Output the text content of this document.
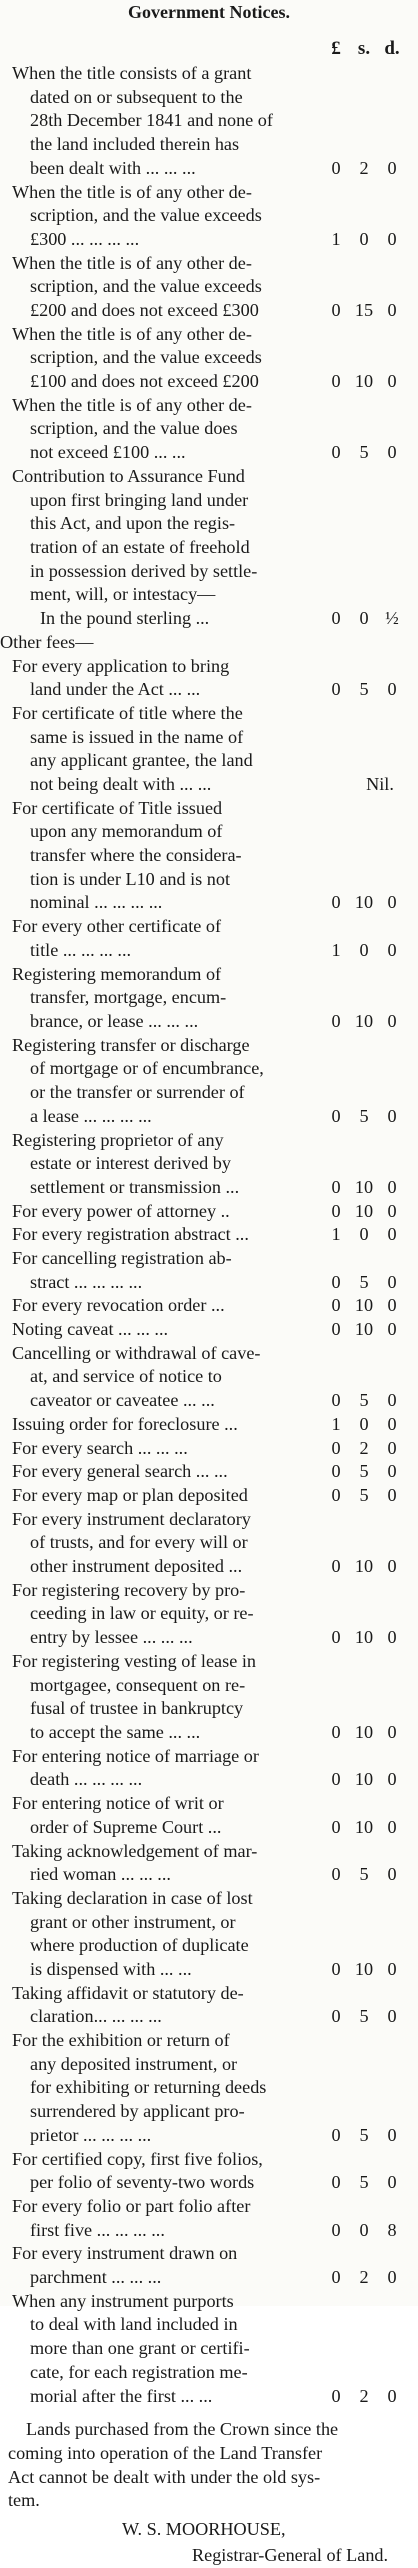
Government Notices.
£ s. d.
When the title consists of a grant
dated on or subsequent to the
28th December 1841 and none of
the land included therein has
been dealt with ... ... ...	0 2 0
When the title is of any other de-
scription, and the value exceeds
£300 ... ... ... ...	1 0 0
When the title is of any other de-
scription, and the value exceeds
£200 and does not exceed £300	0 15 0
When the title is of any other de-
scription, and the value exceeds
£100 and does not exceed £200	0 10 0
When the title is of any other de-
scription, and the value does
not exceed £100 ... ...	0 5 0
Contribution to Assurance Fund
upon first bringing land under
this Act, and upon the regis-
tration of an estate of freehold
in possession derived by settle-
ment, will, or intestacy—
In the pound sterling ...	0 0 ½
Other fees—
For every application to bring
land under the Act ... ...	0 5 0
For certificate of title where the
same is issued in the name of
any applicant grantee, the land
not being dealt with ... ...	Nil.
For certificate of Title issued
upon any memorandum of
transfer where the considera-
tion is under L10 and is not
nominal ... ... ... ...	0 10 0
For every other certificate of
title ... ... ... ...	1 0 0
Registering memorandum of
transfer, mortgage, encum-
brance, or lease ... ... ...	0 10 0
Registering transfer or discharge
of mortgage or of encumbrance,
or the transfer or surrender of
a lease ... ... ... ...	0 5 0
Registering proprietor of any
estate or interest derived by
settlement or transmission ...	0 10 0
For every power of attorney ..	0 10 0
For every registration abstract ...	1 0 0
For cancelling registration ab-
stract ... ... ... ...	0 5 0
For every revocation order ...	0 10 0
Noting caveat ... ... ...	0 10 0
Cancelling or withdrawal of cave-
at, and service of notice to
caveator or caveatee ... ...	0 5 0
Issuing order for foreclosure ...	1 0 0
For every search ... ... ...	0 2 0
For every general search ... ...	0 5 0
For every map or plan deposited	0 5 0
For every instrument declaratory
of trusts, and for every will or
other instrument deposited ...	0 10 0
For registering recovery by pro-
ceeding in law or equity, or re-
entry by lessee ... ... ...	0 10 0
For registering vesting of lease in
mortgagee, consequent on re-
fusal of trustee in bankruptcy
to accept the same ... ...	0 10 0
For entering notice of marriage or
death ... ... ... ...	0 10 0
For entering notice of writ or
order of Supreme Court ...	0 10 0
Taking acknowledgement of mar-
ried woman ... ... ...	0 5 0
Taking declaration in case of lost
grant or other instrument, or
where production of duplicate
is dispensed with ... ...	0 10 0
Taking affidavit or statutory de-
claration... ... ... ...	0 5 0
For the exhibition or return of
any deposited instrument, or
for exhibiting or returning deeds
surrendered by applicant pro-
prietor ... ... ... ...	0 5 0
For certified copy, first five folios,
per folio of seventy-two words	0 5 0
For every folio or part folio after
first five ... ... ... ...	0 0 8
For every instrument drawn on
parchment ... ... ...	0 2 0
When any instrument purports
to deal with land included in
more than one grant or certifi-
cate, for each registration me-
morial after the first ... ...	0 2 0
Lands purchased from the Crown since the
coming into operation of the Land Transfer
Act cannot be dealt with under the old sys-
tem.
W. S. MOORHOUSE,
Registrar-General of Land.
